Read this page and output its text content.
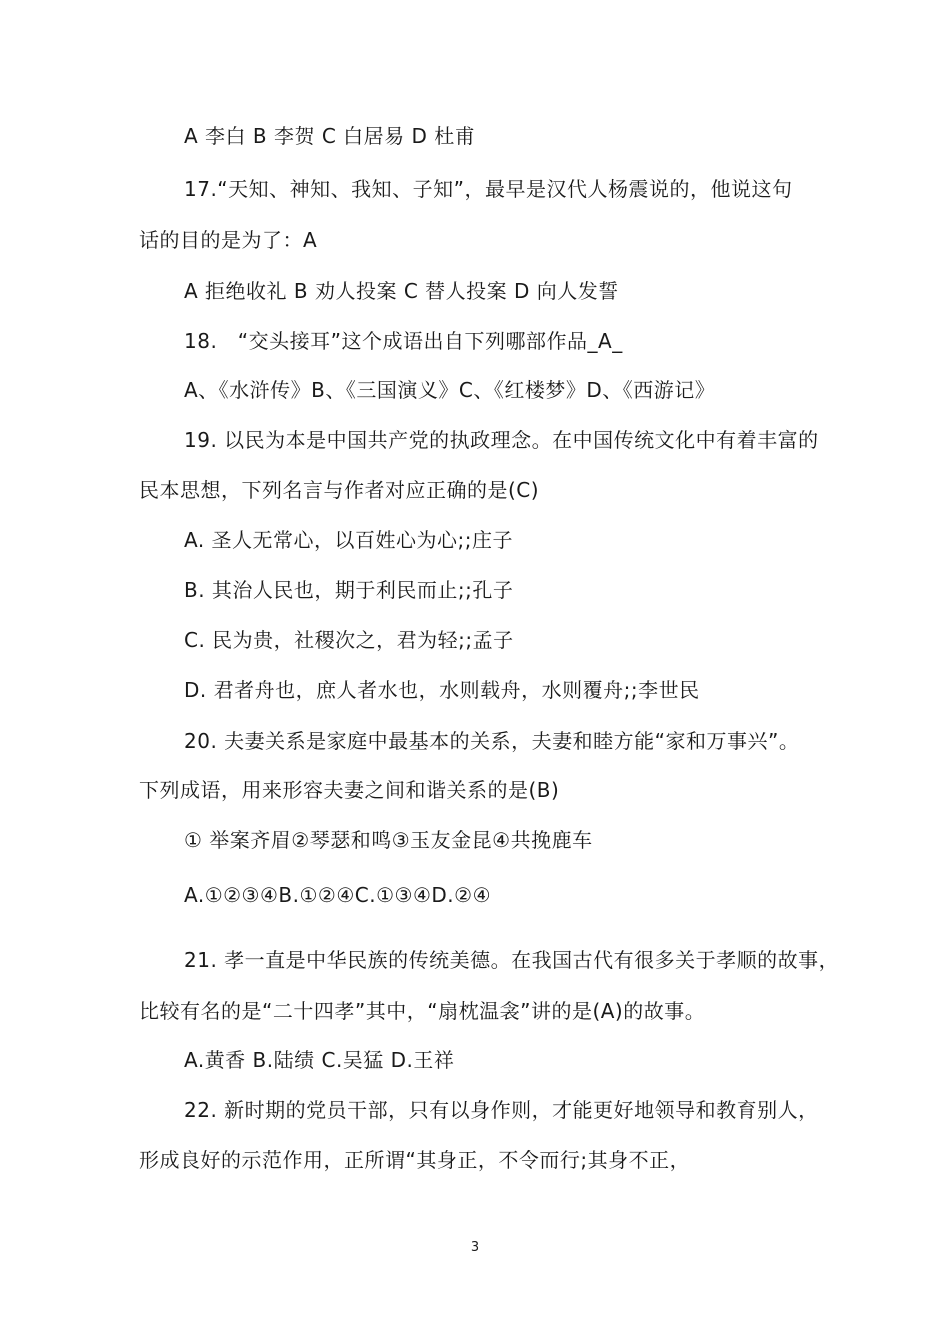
A 李白 B 李贺 C 白居易 D 杜甫
17.“天知、神知、我知、子知”，最早是汉代人杨震说的，他说这句
话的目的是为了：A
A 拒绝收礼 B 劝人投案 C 替人投案 D 向人发誓
18.　“交头接耳”这个成语出自下列哪部作品_A_
A、《水浒传》B、《三国演义》C、《红楼梦》D、《西游记》
19. 以民为本是中国共产党的执政理念。在中国传统文化中有着丰富的
民本思想，下列名言与作者对应正确的是(C)
A. 圣人无常心，以百姓心为心;;庄子
B. 其治人民也，期于利民而止;;孔子
C. 民为贵，社稷次之，君为轻;;孟子
D. 君者舟也，庶人者水也，水则载舟，水则覆舟;;李世民
20. 夫妻关系是家庭中最基本的关系，夫妻和睦方能“家和万事兴”。
下列成语，用来形容夫妻之间和谐关系的是(B)
① 举案齐眉②琴瑟和鸣③玉友金昆④共挽鹿车
A.①②③④B.①②④C.①③④D.②④
21. 孝一直是中华民族的传统美德。在我国古代有很多关于孝顺的故事，
比较有名的是“二十四孝”其中，“扇枕温衾”讲的是(A)的故事。
A.黄香 B.陆绩 C.吴猛 D.王祥
22. 新时期的党员干部，只有以身作则，才能更好地领导和教育别人，
形成良好的示范作用，正所谓“其身正，不令而行;其身不正，
3
